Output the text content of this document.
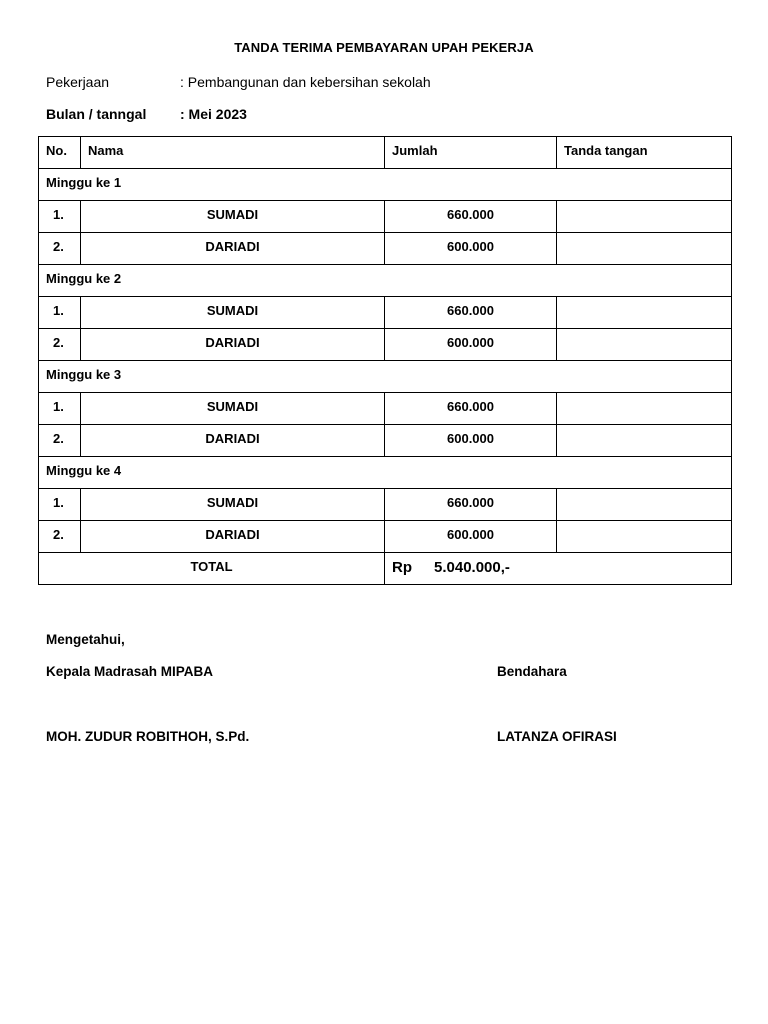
TANDA TERIMA PEMBAYARAN UPAH PEKERJA
Pekerjaan	: Pembangunan dan kebersihan sekolah
Bulan / tanngal : Mei 2023
No.	Nama	Jumlah	Tanda tangan
Minggu ke 1			
1.	SUMADI	660.000	
2.	DARIADI	600.000	
Minggu ke 2			
1.	SUMADI	660.000	
2.	DARIADI	600.000	
Minggu ke 3			
1.	SUMADI	660.000	
2.	DARIADI	600.000	
Minggu ke 4			
1.	SUMADI	660.000	
2.	DARIADI	600.000	
TOTAL		Rp 5.040.000,-	
Mengetahui,
Kepala Madrasah MIPABA	Bendahara
MOH. ZUDUR ROBITHOH, S.Pd.	LATANZA OFIRASI
